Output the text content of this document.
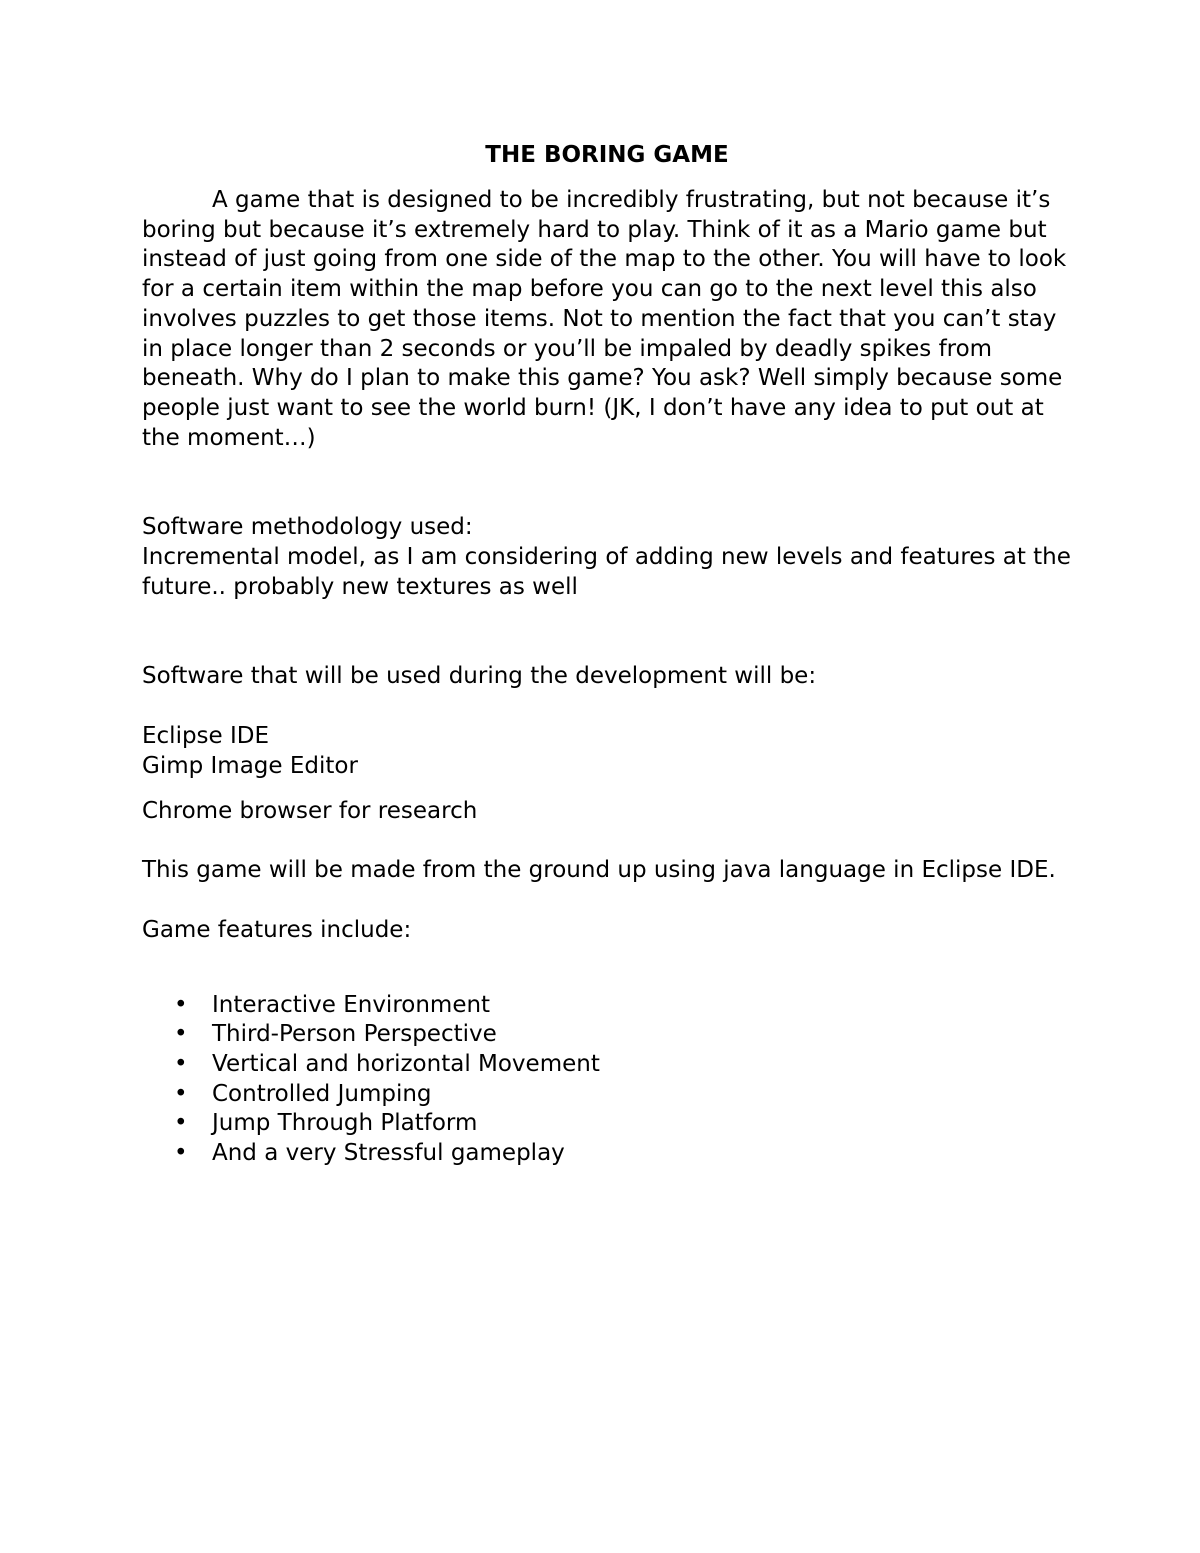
THE BORING GAME

A game that is designed to be incredibly frustrating, but not because it’s boring but because it’s extremely hard to play. Think of it as a Mario game but instead of just going from one side of the map to the other. You will have to look for a certain item within the map before you can go to the next level this also involves puzzles to get those items. Not to mention the fact that you can’t stay in place longer than 2 seconds or you’ll be impaled by deadly spikes from beneath. Why do I plan to make this game? You ask? Well simply because some people just want to see the world burn! (JK, I don’t have any idea to put out at the moment…)

Software methodology used:

Incremental model, as I am considering of adding new levels and features at the future.. probably new textures as well

Software that will be used during the development will be:

Eclipse IDE

Gimp Image Editor

Chrome browser for research

This game will be made from the ground up using java language in Eclipse IDE.

Game features include:

• Interactive Environment
• Third-Person Perspective
• Vertical and horizontal Movement
• Controlled Jumping
• Jump Through Platform
• And a very Stressful gameplay
